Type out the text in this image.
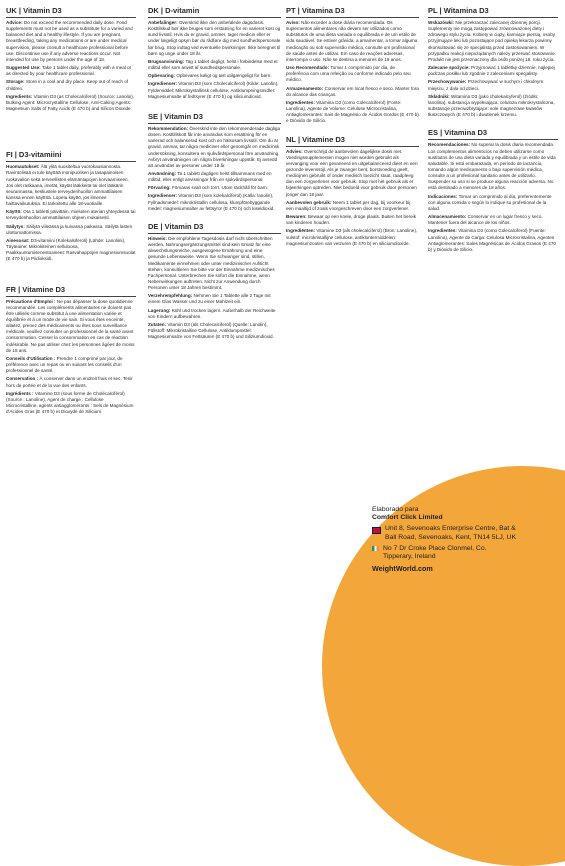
UK | Vitamin D3

Advice: Do not exceed the recommended daily dose. Food supplements must not be used as a substitute for a varied and balanced diet and a healthy lifestyle. If you are pregnant, breastfeeding, taking any medications or are under medical supervision, please consult a healthcare professional before use. Discontinue use if any adverse reactions occur. Not intended for use by persons under the age of 18.

Suggested Use: Take 1 tablet daily, preferably with a meal or as directed by your healthcare professional.

Storage: Store in a cool and dry place. Keep out of reach of children.

Ingredients: Vitamin D3 (as Cholecalciferol) (Source: Lanolin), Bulking Agent: Microcrystalline Cellulose, Anti-Caking Agents: Magnesium Salts of Fatty Acids (E 470 b) and Silicon Dioxide.

FI | D3-vitamiini

Huomautukset: Älä ylitä suositeltua vuorokausiannosta. Ravintolisää ei tule käyttää monipuolisen ja tasapainoisen ruokavalion sekä terveellisten elämäntapojen korvaamiseen. Jos olet raskaana, imetät, käytät lääkkeitä tai olet lääkärin seurannassa, keskustele terveydenhuollon ammattilaisen kanssa ennen käyttöä. Lopeta käyttö, jos ilmenee haittavaikutuksia. Ei tarkoitettu alle 18-vuotiaille.

Käyttö: Ota 1 tabletti päivittäin, mieluiten aterian yhteydessä tai terveydenhuollon ammattilaisen ohjeen mukaisesti.

Säilytys: Säilytä viileässä ja kuivassa paikassa. Säilytä lasten ulottumattomissa.

Ainesosat: D3-vitamiini (Kolekalsiferoli) (Lähde: Lanoliini), Täyteaine: Mikrokiteinen selluloosa, Paakkuuntumisenestoaineet: Rasvahappojen magnesiumsuolat (E 470 b) ja Piidioksidi.

FR | Vitamine D3

Précautions d'Emploi : Ne pas dépasser la dose quotidienne recommandée. Les compléments alimentaires ne doivent pas être utilisés comme substitut à une alimentation variée et équilibrée et à un mode de vie sain. Si vous êtes enceinte, allaitez, prenez des médicaments ou êtes sous surveillance médicale, veuillez consulter un professionnel de la santé avant consommation. Cesser la consommation en cas de réaction indésirable. Ne pas utiliser chez les personnes âgées de moins de 18 ans.

Conseils d'Utilisation : Prendre 1 comprimé par jour, de préférence avec un repas ou en suivant les conseils d'un professionnel de santé.

Conservation : À conserver dans un endroit frais et sec. Tenir hors de portée et de la vue des enfants.

Ingrédients : Vitamine D3 (sous forme de Cholécalciférol) (Source : Lanoline), Agent de charge : Cellulose Microcristalline, agents antiagglomérants : Sels de Magnésium d'Acides Gras (E 470 b) et Dioxyde de Silicium.

DK | D-vitamin

Anbefalinger: Overskrid ikke den anbefalede dagsdosis. Kosttilskud bør ikke bruges som erstatning for en varieret kost og sund livsstil. Hvis du er gravid, ammer, tager medicin eller er under lægeligt opsyn bør du rådføre dig med sundhedspersonale før brug. Stop indtag ved eventuelle bivirkninger. Ikke beregnet til børn og unge under 18 år.

Brugsanvisning: Tag 1 tablet dagligt, helst i forbindelse med et måltid eller som anvist af sundhedspersonale.

Opbevaring: Opbevares køligt og tørt utilgængeligt for børn.

Ingredienser: Vitamin D3 (som Cholecalciferol) (Kilde: Lanolin), Fyldemiddel: Mikrokrystallinsk cellulose, Antiklumpningsmidler: Magnesiumsalte af fedtsyrer (E 470 b) og siliciumdioxid.

SE | Vitamin D3

Rekommendation: Överskrid inte den rekommenderade dagliga dosen. Kosttillskott får inte användas som ersättning för en varierad och balanserad kost och en hälsosam livsstil. Om du är gravid, ammar, tar några mediciner eller genomgår en medicinsk undersökning, konsultera en sjukvårdspersonal före användning. Avbryt användningen om några biverkningar uppstår. Ej avsedd att användas av personer under 18 år.

Användning: Ta 1 tablett dagligen helst tillsammans med en måltid, eller enligt anvisningar från en sjukvårdspersonal.

Förvaring: Förvaras svalt och torrt. Utom räckhåll för barn.

Ingredienser: Vitamin D3 (som kolekalciferol) (Källa: lanolin), Fyllnadsmedel: mikrokristallin cellulosa, klumpförebyggande medel: magnesiumsalter av fettsyror (E 470 b) och kiseldioxid.

DE | Vitamin D3

Hinweis: Die empfohlene Tagesdosis darf nicht überschritten werden. Nahrungsergänzungsmittel sind kein Ersatz für eine abwechslungsreiche, ausgewogene Ernährung und eine gesunde Lebensweise. Wenn Sie schwanger sind, stillen, Medikamente einnehmen oder unter medizinischer Aufsicht stehen, konsultieren Sie bitte vor der Einnahme medizinisches Fachpersonal. Unterbrechen Sie sofort die Einnahme, wenn Nebenwirkungen auftreten. Nicht zur Anwendung durch Personen unter 18 Jahren bestimmt.

Verzehrempfehlung: Nehmen Sie 1 Tablette alle 2 Tage mit einem Glas Wasser und zu einer Mahlzeit ein.

Lagerung: Kühl und trocken lagern. Außerhalb der Reichweite von Kindern aufbewahren.

Zutaten: Vitamin D3 (als Cholecalciferol) (Quelle: Lanolin), Füllstoff: Mikrokristalline Cellulose, Antiklumpmittel: Magnesiumsalze von Fettsäuren (E 470 b) und Siliziumdioxid.

PT | Vitamina D3

Aviso: Não exceder a dose diária recomendada. Os suplementos alimentares não devem ser utilizados como substitutos de uma dieta variada e equilibrada e de um estilo de vida saudável. Se estiver grávida, a amamentar, a tomar alguma medicação ou sob supervisão médica, consulte um profissional de saúde antes de utilizar. Em caso de reações adversas, interrompa o uso. Não se destina a menores de 18 anos.

Uso Recomendado: Tomar 1 comprimido por dia, de preferência com uma refeição ou conforme indicado pelo seu médico.

Armazenamento: Conservar em local fresco e seco. Manter fora do alcance das crianças.

Ingredientes: Vitamina D3 (como Colecalciferol) (Fonte: Lanolina), Agente de Volume: Celulose Microcristalina, Antiaglomerantes: Sais de Magnésio de Ácidos Gordos (E 470 b) e Dióxido de Silício.

NL | Vitamine D3

Advies: Overschrijd de aanbevolen dagelijkse dosis niet. Voedingssupplementen mogen niet worden gebruikt als vervanging voor een gevarieerd en uitgebalanceerd dieet en een gezonde levensstijl. Als je zwanger bent, borstvoeding geeft, medicijnen gebruikt of onder medisch toezicht staat, raadpleeg dan een zorgverlener voor gebruik. Stop met het gebruik als er bijwerkingen optreden. Niet bedoeld voor gebruik door personen jonger dan 18 jaar.

Aanbevolen gebruik: Neem 1 tablet per dag, bij voorkeur bij een maaltijd of zoals voorgeschreven door een zorgverlener.

Bewaren: Bewaar op een koele, droge plaats. Buiten het bereik van kinderen houden.

Ingrediënten: Vitamine D3 (als cholecalciferol) (Bron: Lanoline), vulstof: microkristallijne cellulose, antiklontermiddelen: magnesiumzouten van vetzuren (E 470 b) en siliciumdioxide.

PL | Witamina D3

Wskazówki: Nie przekraczać zalecanej dziennej porcji. Suplementy nie mogą zastępować zrównoważonej diety i zdrowego stylu życia. Kobiety w ciąży, karmiące piersią, osoby przyjmujące leki lub pozostające pod opieką lekarza powinny skonsultować się ze specjalistą przed zastosowaniem. W przypadku reakcji niepożądanych należy przerwać stosowanie. Produkt nie jest przeznaczony dla osób poniżej 18. roku życia.

Zalecane spożycie: Przyjmować 1 tabletkę dziennie, najlepiej podczas posiłku lub zgodnie z zaleceniami specjalisty.

Przechowywanie: Przechowywać w suchym i chłodnym miejscu, z dala od dzieci.

Składniki: Witamina D3 (jako cholekalcyferol) (źródło: lanolina), substancja wypełniająca: celuloza mikrokrystaliczna, substancje przeciwzbrylające: sole magnezowe kwasów tłuszczowych (E 470 b) i dwutlenek krzemu.

ES | Vitamina D3

Recomendaciones: No superar la dosis diaria recomendada. Los complementos alimenticios no deben utilizarse como sustitutos de una dieta variada y equilibrada y un estilo de vida saludable. Si está embarazada, en período de lactancia, tomando algún medicamento o bajo supervisión médica, consulte a un profesional sanitario antes de utilizarlo. Suspender su uso si se produce alguna reacción adversa. No está destinado a menores de 18 años.

Indicaciones: Tomar un comprimido al día, preferentemente con alguna comida o según lo indique su profesional de la salud.

Almacenamiento: Conservar en un lugar fresco y seco. Mantener fuera del alcance de los niños.

Ingredientes: Vitamina D3 (como Colecalciferol) (Fuente: Lanolina), Agente de Carga: Celulosa Microcristalina, Agentes Antiaglomerantes: Sales Magnésicas de Ácidos Grasos (E 470 b) y Dióxido de Silicio.

Elaborado para
Comfort Click Limited
Unit 8, Sevenoaks Enterprise Centre, Bat & Ball Road, Sevenoaks, Kent, TN14 5LJ, UK
No 7 Dr Croke Place Clonmel, Co. Tipperary, Ireland
WeightWorld.com
